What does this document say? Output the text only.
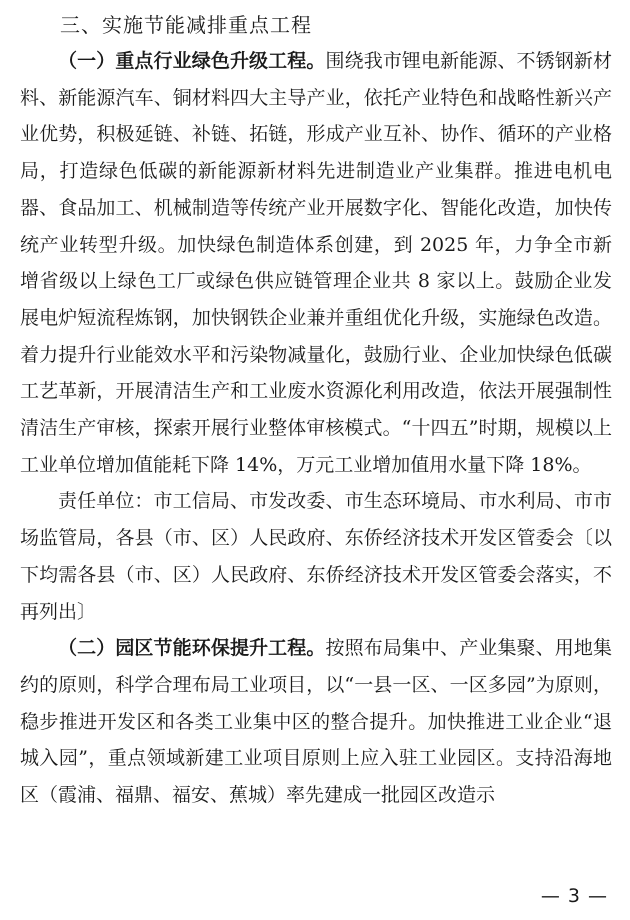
三、实施节能减排重点工程

（一）重点行业绿色升级工程。围绕我市锂电新能源、不锈钢新材料、新能源汽车、铜材料四大主导产业，依托产业特色和战略性新兴产业优势，积极延链、补链、拓链，形成产业互补、协作、循环的产业格局，打造绿色低碳的新能源新材料先进制造业产业集群。推进电机电器、食品加工、机械制造等传统产业开展数字化、智能化改造，加快传统产业转型升级。加快绿色制造体系创建，到 2025 年，力争全市新增省级以上绿色工厂或绿色供应链管理企业共 8 家以上。鼓励企业发展电炉短流程炼钢，加快钢铁企业兼并重组优化升级，实施绿色改造。着力提升行业能效水平和污染物减量化，鼓励行业、企业加快绿色低碳工艺革新，开展清洁生产和工业废水资源化利用改造，依法开展强制性清洁生产审核，探索开展行业整体审核模式。“十四五”时期，规模以上工业单位增加值能耗下降 14%，万元工业增加值用水量下降 18%。

责任单位：市工信局、市发改委、市生态环境局、市水利局、市市场监管局，各县（市、区）人民政府、东侨经济技术开发区管委会〔以下均需各县（市、区）人民政府、东侨经济技术开发区管委会落实，不再列出〕

（二）园区节能环保提升工程。按照布局集中、产业集聚、用地集约的原则，科学合理布局工业项目，以“一县一区、一区多园”为原则，稳步推进开发区和各类工业集中区的整合提升。加快推进工业企业“退城入园”，重点领域新建工业项目原则上应入驻工业园区。支持沿海地区（霞浦、福鼎、福安、蕉城）率先建成一批园区改造示

— 3 —
